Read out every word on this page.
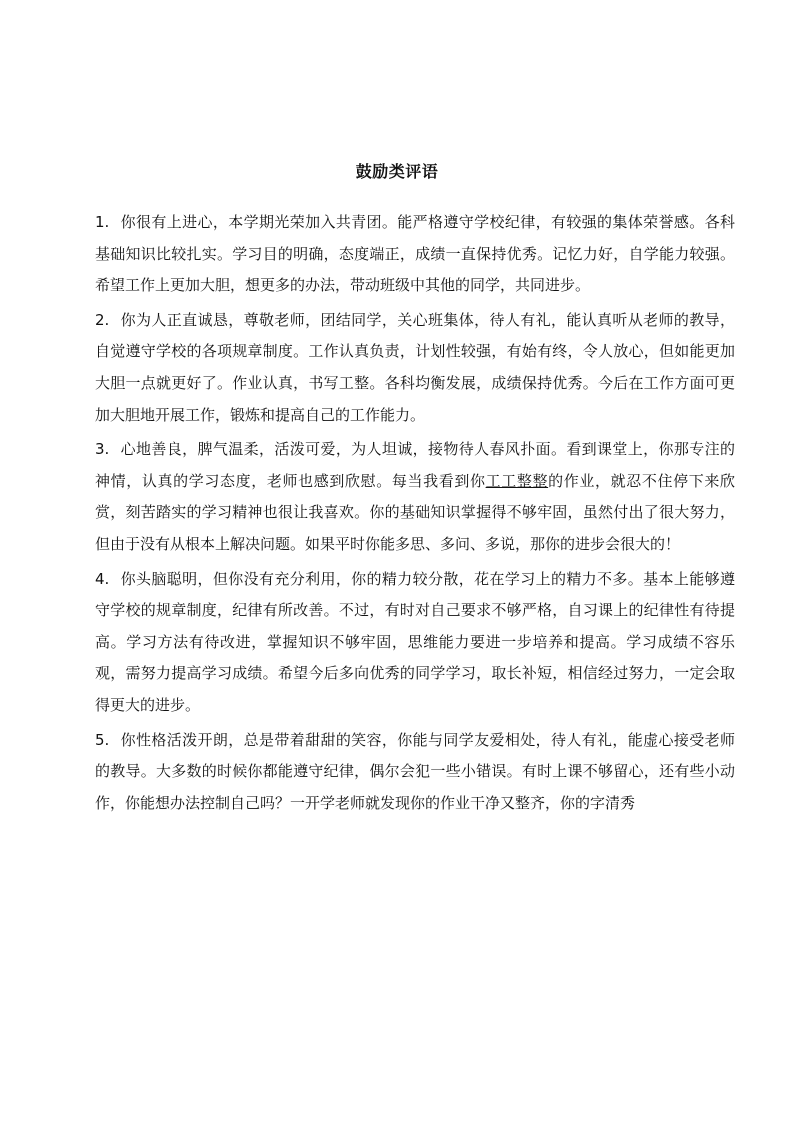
鼓励类评语

1. 你很有上进心，本学期光荣加入共青团。能严格遵守学校纪律，有较强的集体荣誉感。各科基础知识比较扎实。学习目的明确，态度端正，成绩一直保持优秀。记忆力好，自学能力较强。希望工作上更加大胆，想更多的办法，带动班级中其他的同学，共同进步。

2. 你为人正直诚恳，尊敬老师，团结同学，关心班集体，待人有礼，能认真听从老师的教导，自觉遵守学校的各项规章制度。工作认真负责，计划性较强，有始有终，令人放心，但如能更加大胆一点就更好了。作业认真，书写工整。各科均衡发展，成绩保持优秀。今后在工作方面可更加大胆地开展工作，锻炼和提高自己的工作能力。

3. 心地善良，脾气温柔，活泼可爱，为人坦诚，接物待人春风扑面。看到课堂上，你那专注的神情，认真的学习态度，老师也感到欣慰。每当我看到你工工整整的作业，就忍不住停下来欣赏，刻苦踏实的学习精神也很让我喜欢。你的基础知识掌握得不够牢固，虽然付出了很大努力，但由于没有从根本上解决问题。如果平时你能多思、多问、多说，那你的进步会很大的！

4. 你头脑聪明，但你没有充分利用，你的精力较分散，花在学习上的精力不多。基本上能够遵守学校的规章制度，纪律有所改善。不过，有时对自己要求不够严格，自习课上的纪律性有待提高。学习方法有待改进，掌握知识不够牢固，思维能力要进一步培养和提高。学习成绩不容乐观，需努力提高学习成绩。希望今后多向优秀的同学学习，取长补短，相信经过努力，一定会取得更大的进步。

5. 你性格活泼开朗，总是带着甜甜的笑容，你能与同学友爱相处，待人有礼，能虚心接受老师的教导。大多数的时候你都能遵守纪律，偶尔会犯一些小错误。有时上课不够留心，还有些小动作，你能想办法控制自己吗？一开学老师就发现你的作业干净又整齐，你的字清秀
